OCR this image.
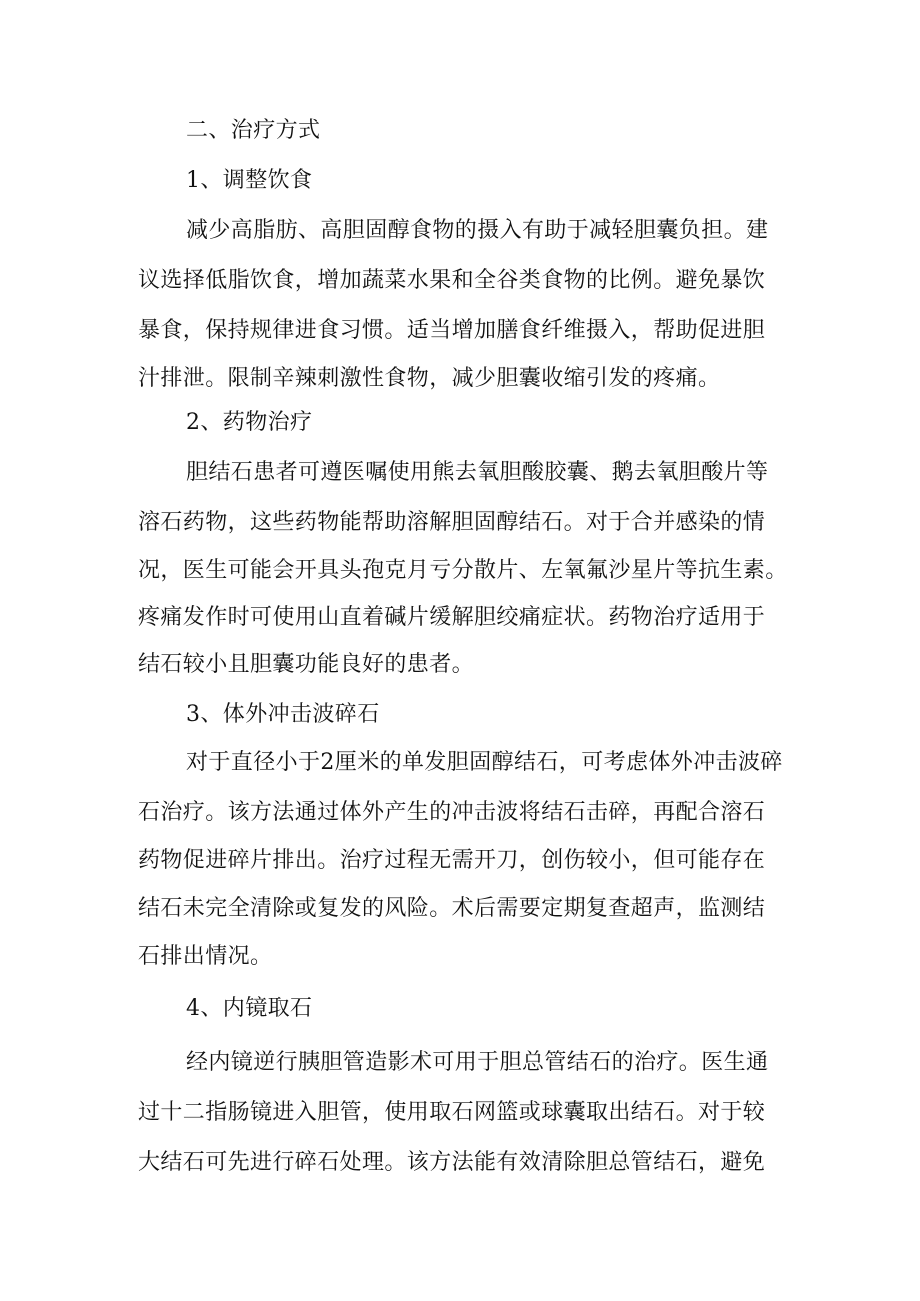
二、治疗方式
1、调整饮食
减少高脂肪、高胆固醇食物的摄入有助于减轻胆囊负担。建
议选择低脂饮食，增加蔬菜水果和全谷类食物的比例。避免暴饮
暴食，保持规律进食习惯。适当增加膳食纤维摄入，帮助促进胆
汁排泄。限制辛辣刺激性食物，减少胆囊收缩引发的疼痛。
2、药物治疗
胆结石患者可遵医嘱使用熊去氧胆酸胶囊、鹅去氧胆酸片等
溶石药物，这些药物能帮助溶解胆固醇结石。对于合并感染的情
况，医生可能会开具头孢克月亏分散片、左氧氟沙星片等抗生素。
疼痛发作时可使用山直着碱片缓解胆绞痛症状。药物治疗适用于
结石较小且胆囊功能良好的患者。
3、体外冲击波碎石
对于直径小于2厘米的单发胆固醇结石，可考虑体外冲击波碎
石治疗。该方法通过体外产生的冲击波将结石击碎，再配合溶石
药物促进碎片排出。治疗过程无需开刀，创伤较小，但可能存在
结石未完全清除或复发的风险。术后需要定期复查超声，监测结
石排出情况。
4、内镜取石
经内镜逆行胰胆管造影术可用于胆总管结石的治疗。医生通
过十二指肠镜进入胆管，使用取石网篮或球囊取出结石。对于较
大结石可先进行碎石处理。该方法能有效清除胆总管结石，避免
